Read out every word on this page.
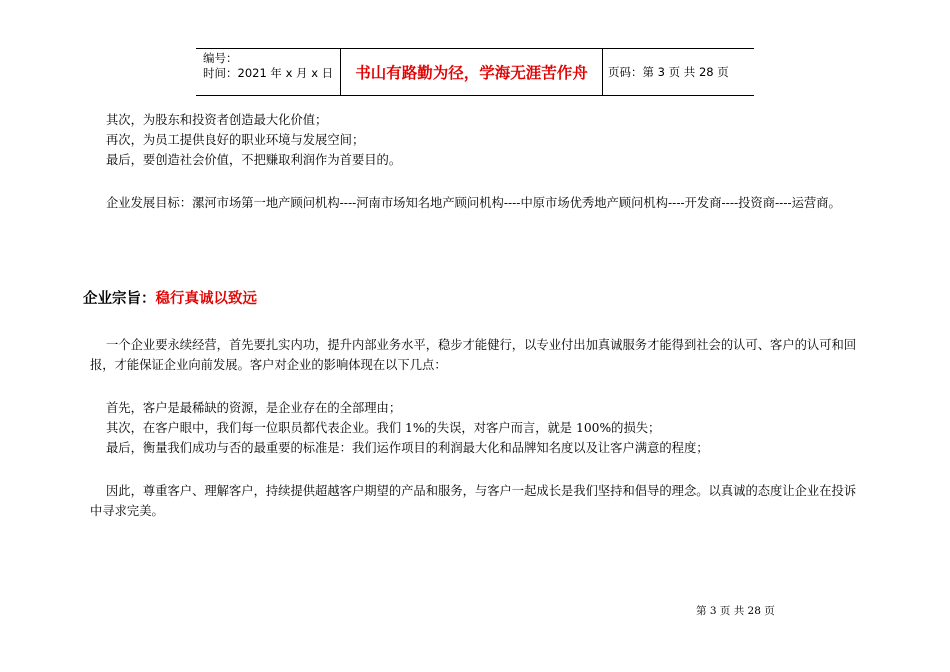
编号：
时间：2021 年 x 月 x 日	书山有路勤为径，学海无涯苦作舟	页码：第 3 页 共 28 页

其次，为股东和投资者创造最大化价值；

再次，为员工提供良好的职业环境与发展空间；

最后，要创造社会价值，不把赚取利润作为首要目的。

企业发展目标：漯河市场第一地产顾问机构----河南市场知名地产顾问机构----中原市场优秀地产顾问机构----开发商----投资商----运营商。

企业宗旨：稳行真诚以致远

一个企业要永续经营，首先要扎实内功，提升内部业务水平，稳步才能健行，以专业付出加真诚服务才能得到社会的认可、客户的认可和回报，才能保证企业向前发展。客户对企业的影响体现在以下几点：

首先，客户是最稀缺的资源，是企业存在的全部理由；

其次，在客户眼中，我们每一位职员都代表企业。我们 1%的失误，对客户而言，就是 100%的损失；

最后，衡量我们成功与否的最重要的标准是：我们运作项目的利润最大化和品牌知名度以及让客户满意的程度；

因此，尊重客户、理解客户，持续提供超越客户期望的产品和服务，与客户一起成长是我们坚持和倡导的理念。以真诚的态度让企业在投诉中寻求完美。

第 3 页 共 28 页
